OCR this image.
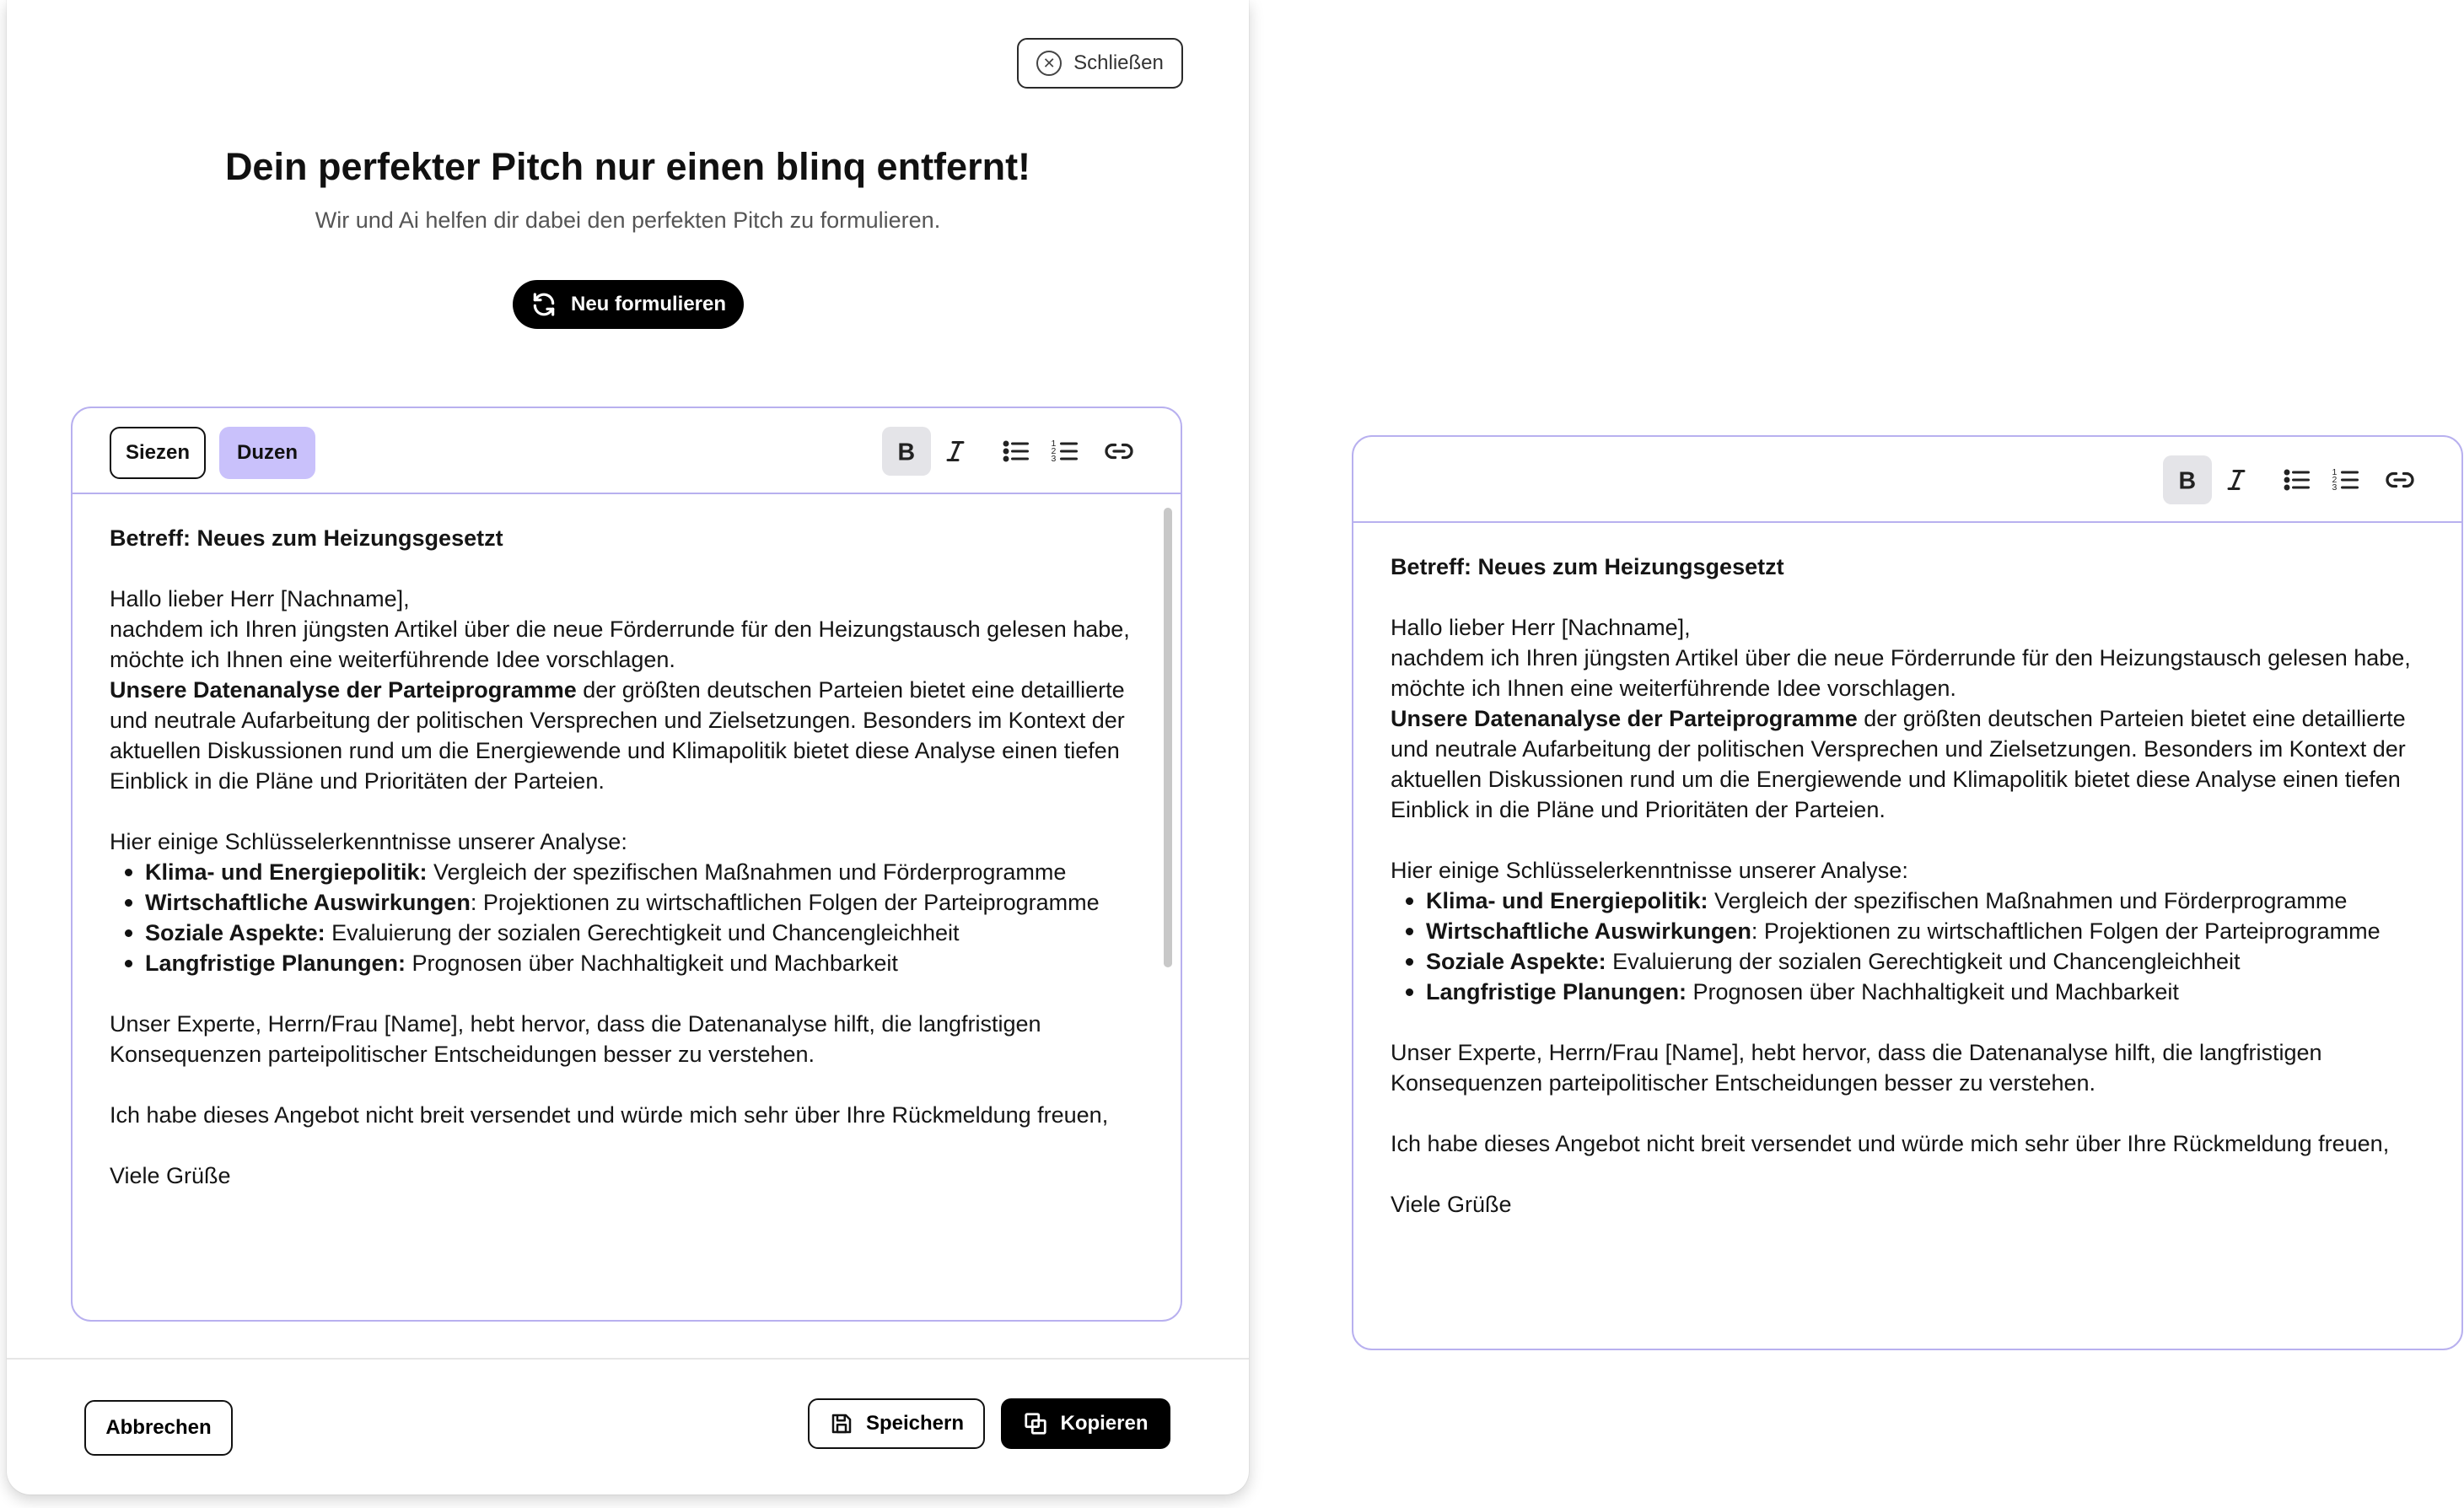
✕ Schließen
Dein perfekter Pitch nur einen blinq entfernt!
Wir und Ai helfen dir dabei den perfekten Pitch zu formulieren.
Neu formulieren
Siezen	Duzen	B	1
2
3

Betreff: Neues zum Heizungsgesetzt

Hallo lieber Herr [Nachname],

nachdem ich Ihren jüngsten Artikel über die neue Förderrunde für den Heizungstausch gelesen habe, möchte ich Ihnen eine weiterführende Idee vorschlagen.

Unsere Datenanalyse der Parteiprogramme der größten deutschen Parteien bietet eine detaillierte und neutrale Aufarbeitung der politischen Versprechen und Zielsetzungen. Besonders im Kontext der aktuellen Diskussionen rund um die Energiewende und Klimapolitik bietet diese Analyse einen tiefen Einblick in die Pläne und Prioritäten der Parteien.

Hier einige Schlüsselerkenntnisse unserer Analyse:

Klima- und Energiepolitik: Vergleich der spezifischen Maßnahmen und Förderprogramme
Wirtschaftliche Auswirkungen: Projektionen zu wirtschaftlichen Folgen der Parteiprogramme
Soziale Aspekte: Evaluierung der sozialen Gerechtigkeit und Chancengleichheit
Langfristige Planungen: Prognosen über Nachhaltigkeit und Machbarkeit

Unser Experte, Herrn/Frau [Name], hebt hervor, dass die Datenanalyse hilft, die langfristigen Konsequenzen parteipolitischer Entscheidungen besser zu verstehen.

Ich habe dieses Angebot nicht breit versendet und würde mich sehr über Ihre Rückmeldung freuen,

Viele Grüße

Abbrechen	Speichern	Kopieren
B	1
2
3

Betreff: Neues zum Heizungsgesetzt

Hallo lieber Herr [Nachname],

nachdem ich Ihren jüngsten Artikel über die neue Förderrunde für den Heizungstausch gelesen habe, möchte ich Ihnen eine weiterführende Idee vorschlagen.

Unsere Datenanalyse der Parteiprogramme der größten deutschen Parteien bietet eine detaillierte und neutrale Aufarbeitung der politischen Versprechen und Zielsetzungen. Besonders im Kontext der aktuellen Diskussionen rund um die Energiewende und Klimapolitik bietet diese Analyse einen tiefen Einblick in die Pläne und Prioritäten der Parteien.

Hier einige Schlüsselerkenntnisse unserer Analyse:

Klima- und Energiepolitik: Vergleich der spezifischen Maßnahmen und Förderprogramme
Wirtschaftliche Auswirkungen: Projektionen zu wirtschaftlichen Folgen der Parteiprogramme
Soziale Aspekte: Evaluierung der sozialen Gerechtigkeit und Chancengleichheit
Langfristige Planungen: Prognosen über Nachhaltigkeit und Machbarkeit

Unser Experte, Herrn/Frau [Name], hebt hervor, dass die Datenanalyse hilft, die langfristigen Konsequenzen parteipolitischer Entscheidungen besser zu verstehen.

Ich habe dieses Angebot nicht breit versendet und würde mich sehr über Ihre Rückmeldung freuen,

Viele Grüße
